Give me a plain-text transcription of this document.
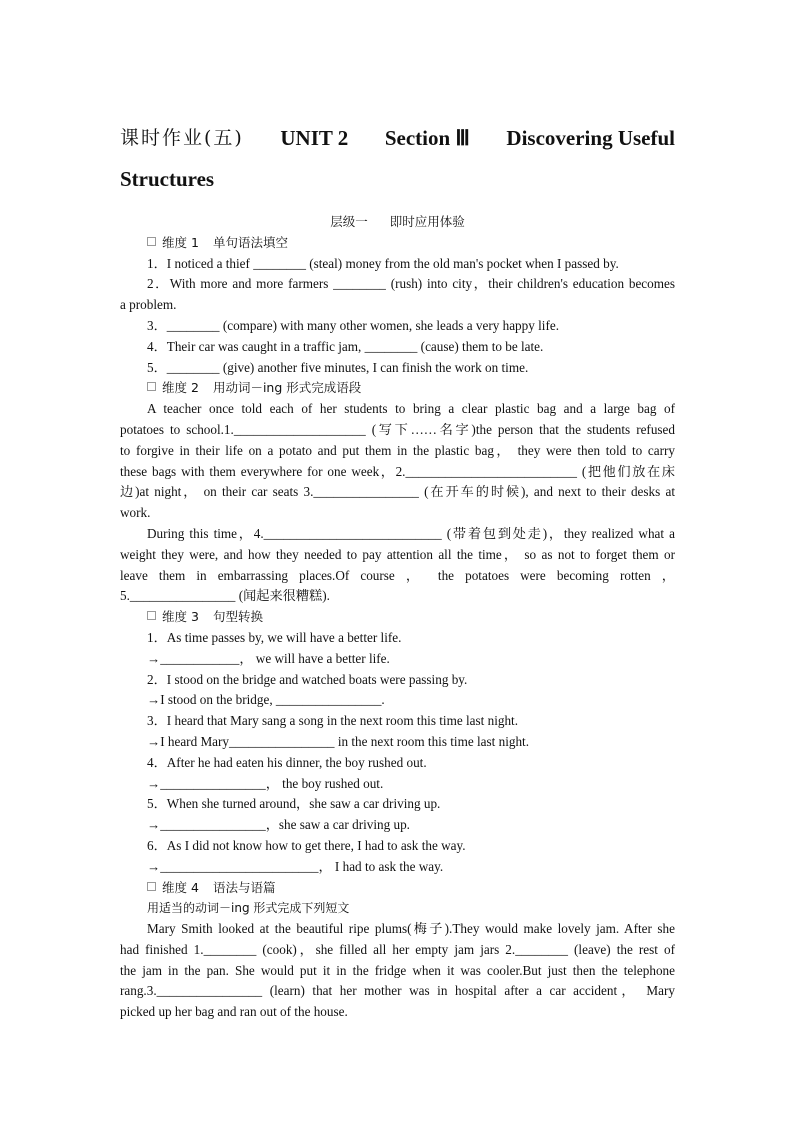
课时作业(五) UNIT 2 Section Ⅲ Discovering Useful
Structures
层级一 即时应用体验
维度 1 单句语法填空
1．I noticed a thief ________ (steal) money from the old man's pocket when I passed by.
2．With more and more farmers ________ (rush) into city，their children's education becomes
a problem.
3．________ (compare) with many other women, she leads a very happy life.
4．Their car was caught in a traffic jam, ________ (cause) them to be late.
5．________ (give) another five minutes, I can finish the work on time.
维度 2 用动词－ing 形式完成语段
A teacher once told each of her students to bring a clear plastic bag and a large bag of
potatoes to school.1.____________________ (写下……名字)the person that the students refused
to forgive in their life on a potato and put them in the plastic bag， they were then told to carry
these bags with them everywhere for one week，2.__________________________ (把他们放在床
边)at night， on their car seats 3.________________ (在开车的时候), and next to their desks at
work.
During this time，4.___________________________ (带着包到处走)，they realized what a
weight they were, and how they needed to pay attention all the time， so as not to forget them or
leave them in embarrassing places.Of course ， the potatoes were becoming rotten ，
5.________________ (闻起来很糟糕).
维度 3 句型转换
1．As time passes by, we will have a better life.
→____________， we will have a better life.
2．I stood on the bridge and watched boats were passing by.
→I stood on the bridge, ________________.
3．I heard that Mary sang a song in the next room this time last night.
→I heard Mary________________ in the next room this time last night.
4．After he had eaten his dinner, the boy rushed out.
→________________， the boy rushed out.
5．When she turned around，she saw a car driving up.
→________________，she saw a car driving up.
6．As I did not know how to get there, I had to ask the way.
→________________________， I had to ask the way.
维度 4 语法与语篇
用适当的动词－ing 形式完成下列短文
Mary Smith looked at the beautiful ripe plums(梅子).They would make lovely jam. After she
had finished 1.________ (cook)，she filled all her empty jam jars 2.________ (leave) the rest of
the jam in the pan. She would put it in the fridge when it was cooler.But just then the telephone
rang.3.________________ (learn) that her mother was in hospital after a car accident， Mary
picked up her bag and ran out of the house.
